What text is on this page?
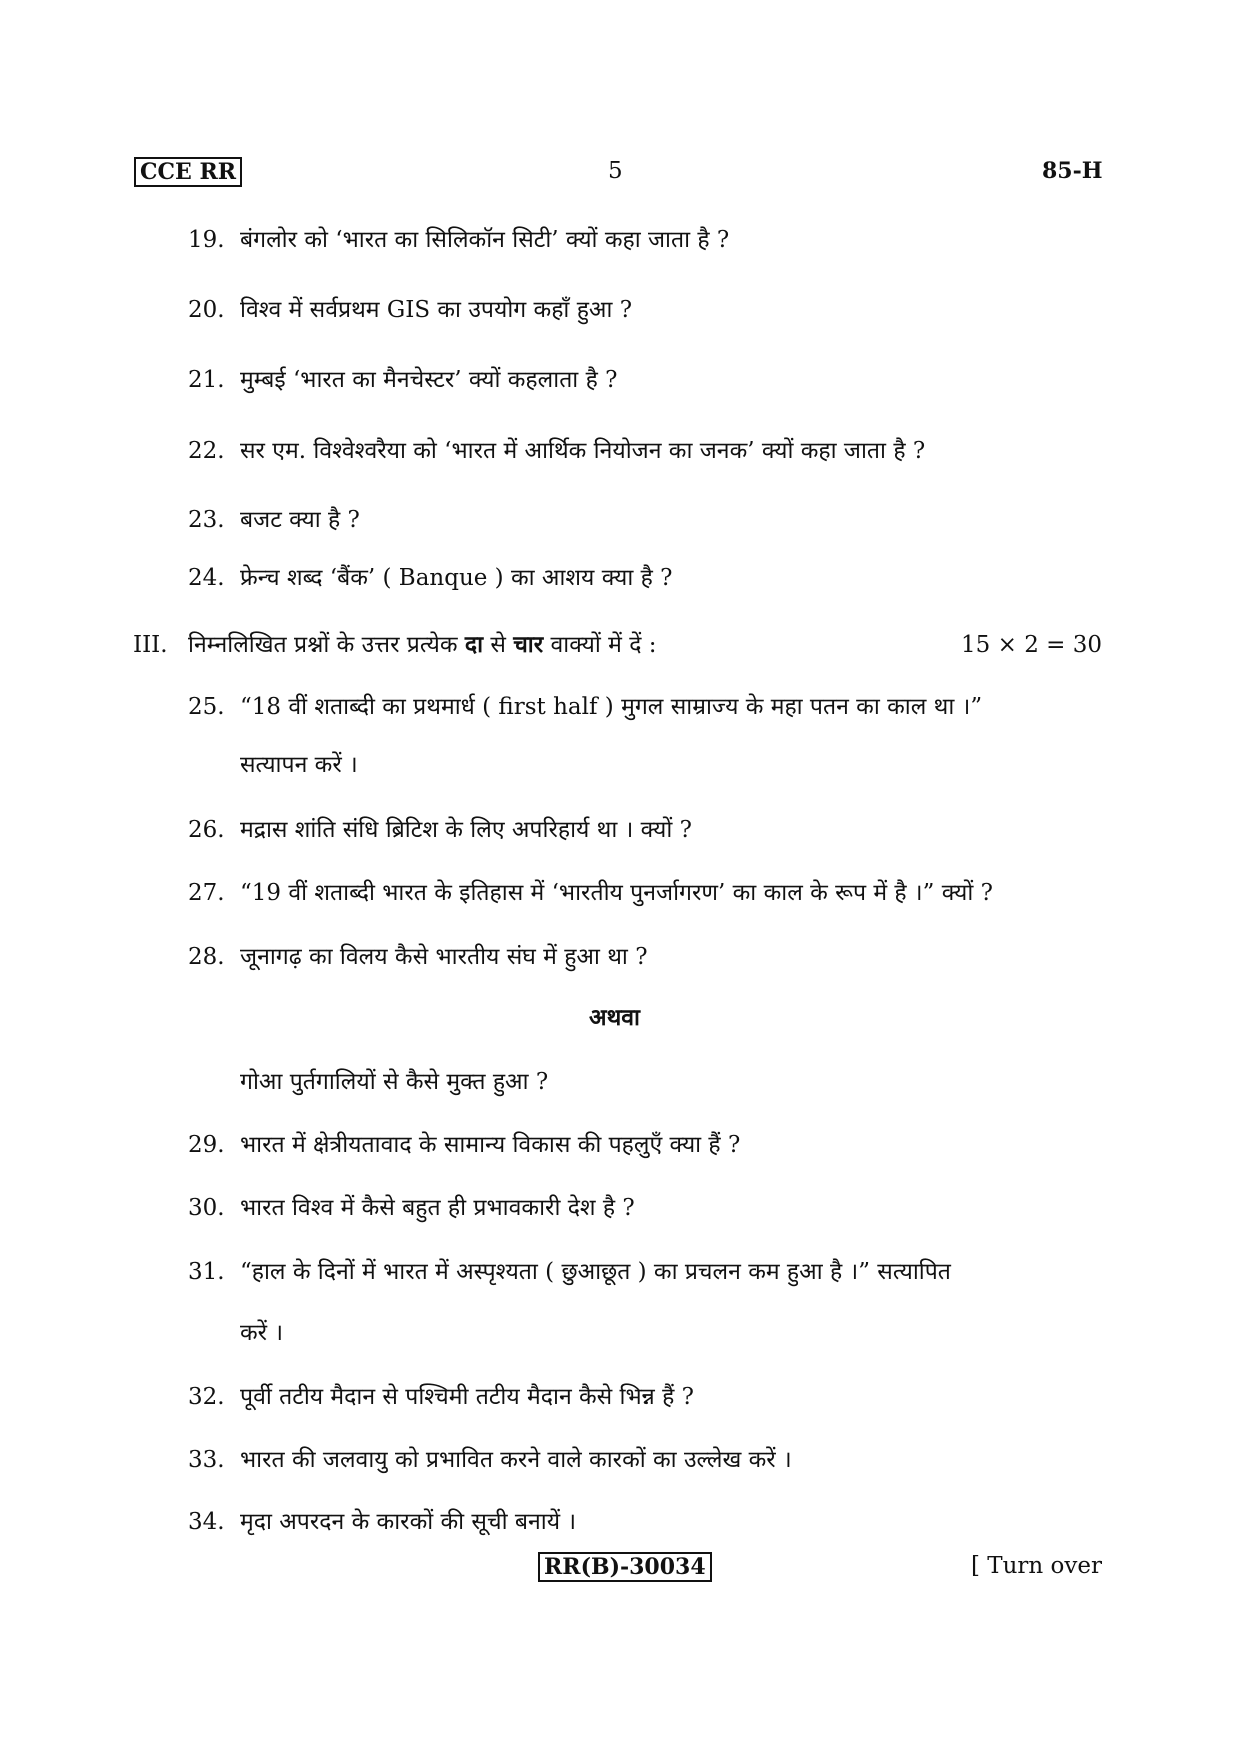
CCE RR	5	85-H
19. बंगलोर को ‘भारत का सिलिकॉन सिटी’ क्यों कहा जाता है ?
20. विश्व में सर्वप्रथम GIS का उपयोग कहाँ हुआ ?
21. मुम्बई ‘भारत का मैनचेस्टर’ क्यों कहलाता है ?
22. सर एम. विश्वेश्वरैया को ‘भारत में आर्थिक नियोजन का जनक’ क्यों कहा जाता है ?
23. बजट क्या है ?
24. फ्रेन्च शब्द ‘बैंक’ ( Banque ) का आशय क्या है ?
III. निम्नलिखित प्रश्नों के उत्तर प्रत्येक दा से चार वाक्यों में दें :	15 × 2 = 30
25. “18 वीं शताब्दी का प्रथमार्ध ( first half ) मुगल साम्राज्य के महा पतन का काल था ।”
सत्यापन करें ।
26. मद्रास शांति संधि ब्रिटिश के लिए अपरिहार्य था । क्यों ?
27. “19 वीं शताब्दी भारत के इतिहास में ‘भारतीय पुनर्जागरण’ का काल के रूप में है ।” क्यों ?
28. जूनागढ़ का विलय कैसे भारतीय संघ में हुआ था ?
अथवा
गोआ पुर्तगालियों से कैसे मुक्त हुआ ?
29. भारत में क्षेत्रीयतावाद के सामान्य विकास की पहलुएँ क्या हैं ?
30. भारत विश्व में कैसे बहुत ही प्रभावकारी देश है ?
31. “हाल के दिनों में भारत में अस्पृश्यता ( छुआछूत ) का प्रचलन कम हुआ है ।” सत्यापित
करें ।
32. पूर्वी तटीय मैदान से पश्चिमी तटीय मैदान कैसे भिन्न हैं ?
33. भारत की जलवायु को प्रभावित करने वाले कारकों का उल्लेख करें ।
34. मृदा अपरदन के कारकों की सूची बनायें ।
RR(B)-30034	[ Turn over
